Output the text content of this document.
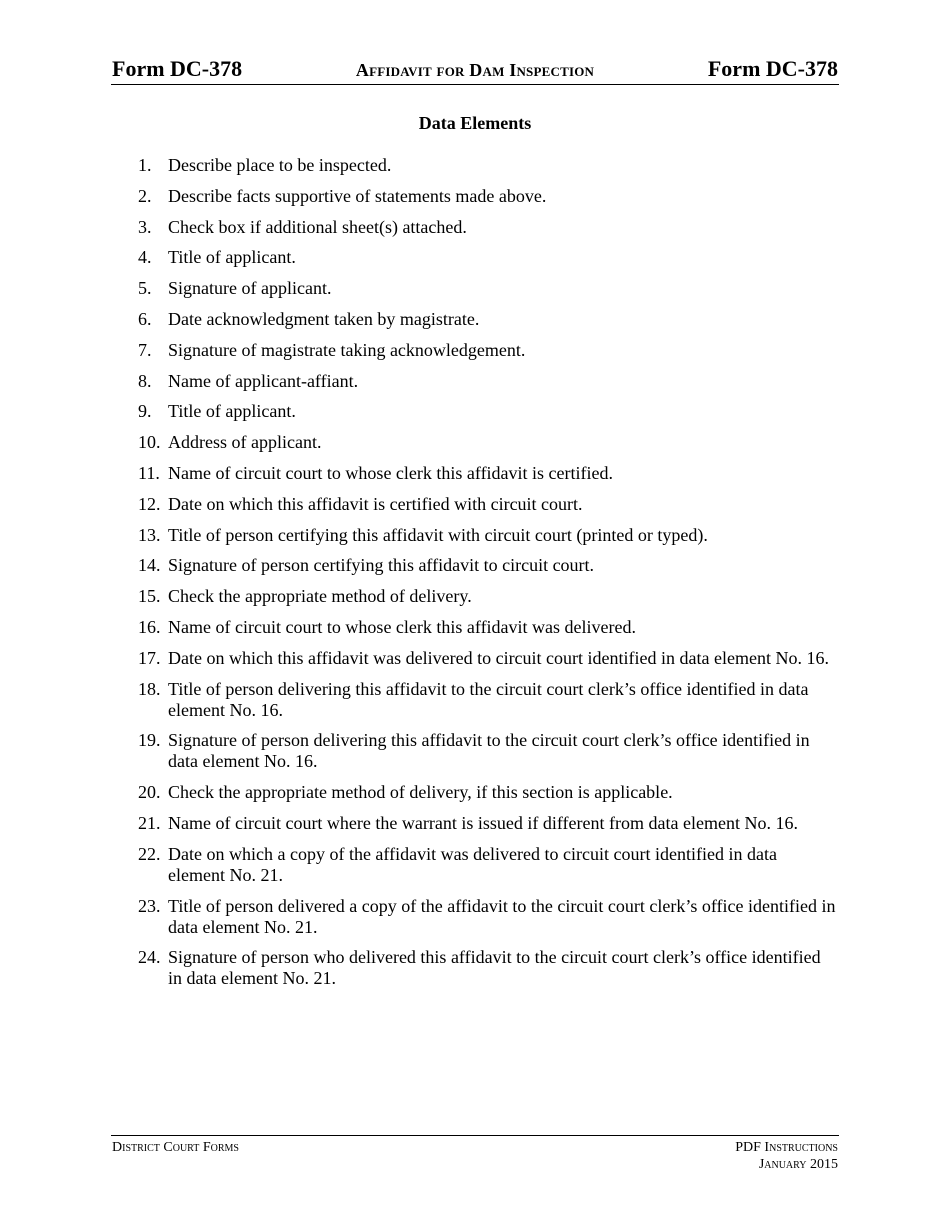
Form DC-378	Affidavit for Dam Inspection	Form DC-378
Data Elements
1. Describe place to be inspected.
2. Describe facts supportive of statements made above.
3. Check box if additional sheet(s) attached.
4. Title of applicant.
5. Signature of applicant.
6. Date acknowledgment taken by magistrate.
7. Signature of magistrate taking acknowledgement.
8. Name of applicant-affiant.
9. Title of applicant.
10. Address of applicant.
11. Name of circuit court to whose clerk this affidavit is certified.
12. Date on which this affidavit is certified with circuit court.
13. Title of person certifying this affidavit with circuit court (printed or typed).
14. Signature of person certifying this affidavit to circuit court.
15. Check the appropriate method of delivery.
16. Name of circuit court to whose clerk this affidavit was delivered.
17. Date on which this affidavit was delivered to circuit court identified in data element No. 16.
18. Title of person delivering this affidavit to the circuit court clerk’s office identified in data element No. 16.
19. Signature of person delivering this affidavit to the circuit court clerk’s office identified in data element No. 16.
20. Check the appropriate method of delivery, if this section is applicable.
21. Name of circuit court where the warrant is issued if different from data element No. 16.
22. Date on which a copy of the affidavit was delivered to circuit court identified in data element No. 21.
23. Title of person delivered a copy of the affidavit to the circuit court clerk’s office identified in data element No. 21.
24. Signature of person who delivered this affidavit to the circuit court clerk’s office identified in data element No. 21.
District Court Forms	PDF Instructions
January 2015
